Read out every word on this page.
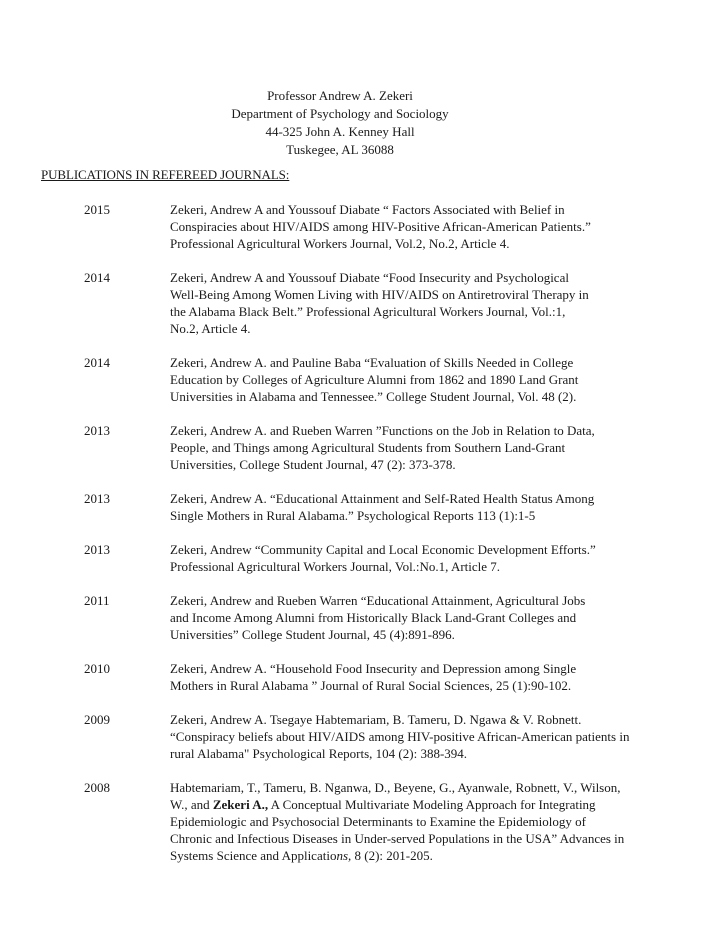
Professor Andrew A. Zekeri
Department of Psychology and Sociology
44-325 John A. Kenney Hall
Tuskegee, AL 36088
PUBLICATIONS IN REFEREED JOURNALS:
2015	Zekeri, Andrew A and Youssouf Diabate “ Factors Associated with Belief in
Conspiracies about HIV/AIDS among HIV-Positive African-American Patients.”
Professional Agricultural Workers Journal, Vol.2, No.2, Article 4.
2014	Zekeri, Andrew A and Youssouf Diabate “Food Insecurity and Psychological
Well-Being Among Women Living with HIV/AIDS on Antiretroviral Therapy in
the Alabama Black Belt.” Professional Agricultural Workers Journal, Vol.:1,
No.2, Article 4.
2014	Zekeri, Andrew A. and Pauline Baba “Evaluation of Skills Needed in College
Education by Colleges of Agriculture Alumni from 1862 and 1890 Land Grant
Universities in Alabama and Tennessee.” College Student Journal, Vol. 48 (2).
2013	Zekeri, Andrew A. and Rueben Warren ”Functions on the Job in Relation to Data,
People, and Things among Agricultural Students from Southern Land-Grant
Universities, College Student Journal, 47 (2): 373-378.
2013	Zekeri, Andrew A. “Educational Attainment and Self-Rated Health Status Among
Single Mothers in Rural Alabama.” Psychological Reports 113 (1):1-5
2013	Zekeri, Andrew “Community Capital and Local Economic Development Efforts.”
Professional Agricultural Workers Journal, Vol.:No.1, Article 7.
2011	Zekeri, Andrew and Rueben Warren “Educational Attainment, Agricultural Jobs
and Income Among Alumni from Historically Black Land-Grant Colleges and
Universities” College Student Journal, 45 (4):891-896.
2010	Zekeri, Andrew A. “Household Food Insecurity and Depression among Single
Mothers in Rural Alabama ” Journal of Rural Social Sciences, 25 (1):90-102.
2009	Zekeri, Andrew A. Tsegaye Habtemariam, B. Tameru, D. Ngawa & V. Robnett.
“Conspiracy beliefs about HIV/AIDS among HIV-positive African-American patients in
rural Alabama" Psychological Reports, 104 (2): 388-394.
2008	Habtemariam, T., Tameru, B. Nganwa, D., Beyene, G., Ayanwale, Robnett, V., Wilson,
W., and Zekeri A., A Conceptual Multivariate Modeling Approach for Integrating
Epidemiologic and Psychosocial Determinants to Examine the Epidemiology of
Chronic and Infectious Diseases in Under-served Populations in the USA” Advances in
Systems Science and Applications, 8 (2): 201-205.
